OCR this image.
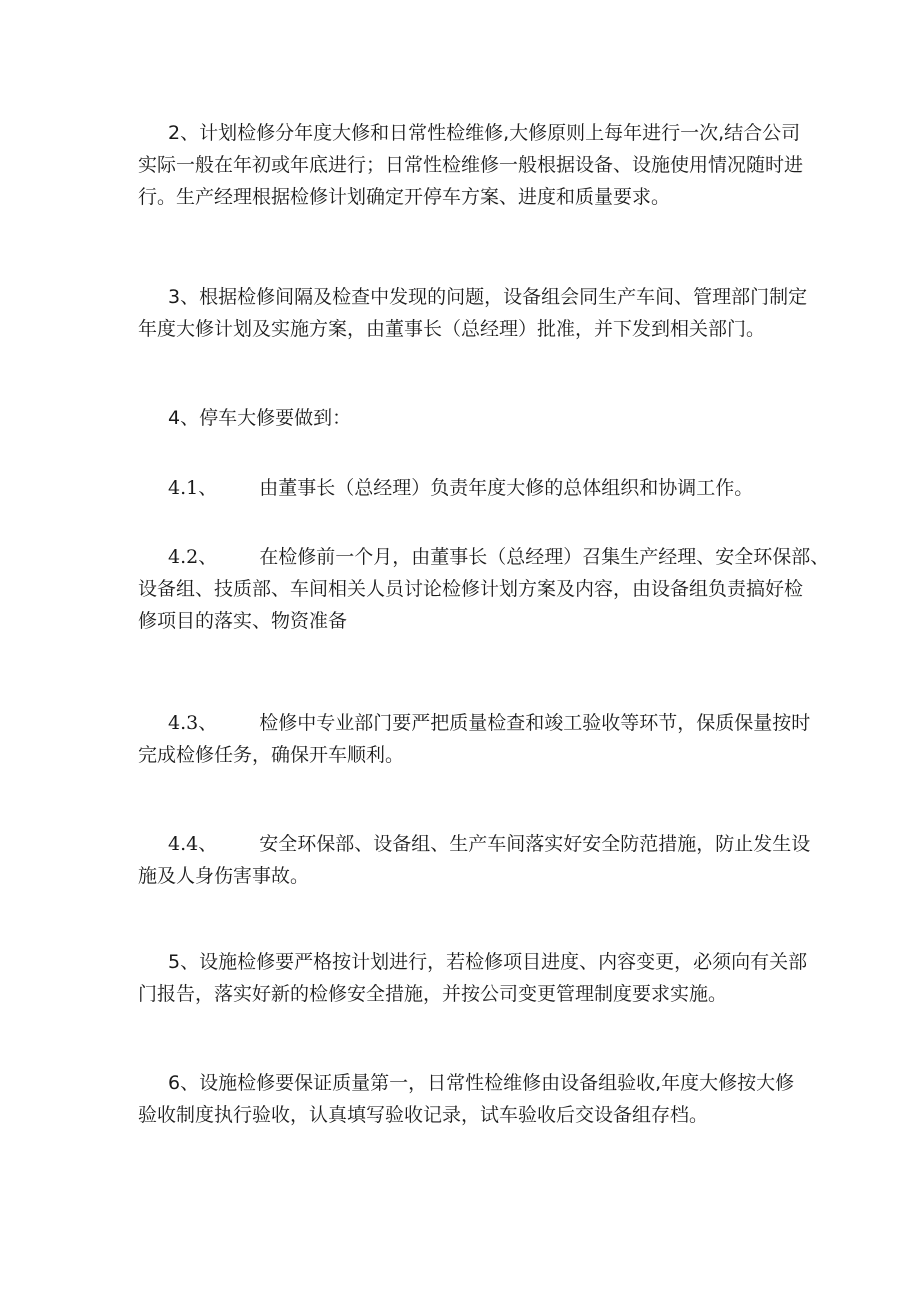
2、计划检修分年度大修和日常性检维修,大修原则上每年进行一次,结合公司
实际一般在年初或年底进行；日常性检维修一般根据设备、设施使用情况随时进
行。生产经理根据检修计划确定开停车方案、进度和质量要求。
3、根据检修间隔及检查中发现的问题，设备组会同生产车间、管理部门制定
年度大修计划及实施方案，由董事长（总经理）批准，并下发到相关部门。
4、停车大修要做到：
4.1、 由董事长（总经理）负责年度大修的总体组织和协调工作。
4.2、 在检修前一个月，由董事长（总经理）召集生产经理、安全环保部、
设备组、技质部、车间相关人员讨论检修计划方案及内容，由设备组负责搞好检
修项目的落实、物资准备
4.3、 检修中专业部门要严把质量检查和竣工验收等环节，保质保量按时
完成检修任务，确保开车顺利。
4.4、 安全环保部、设备组、生产车间落实好安全防范措施，防止发生设
施及人身伤害事故。
5、设施检修要严格按计划进行，若检修项目进度、内容变更，必须向有关部
门报告，落实好新的检修安全措施，并按公司变更管理制度要求实施。
6、设施检修要保证质量第一，日常性检维修由设备组验收,年度大修按大修
验收制度执行验收，认真填写验收记录，试车验收后交设备组存档。
